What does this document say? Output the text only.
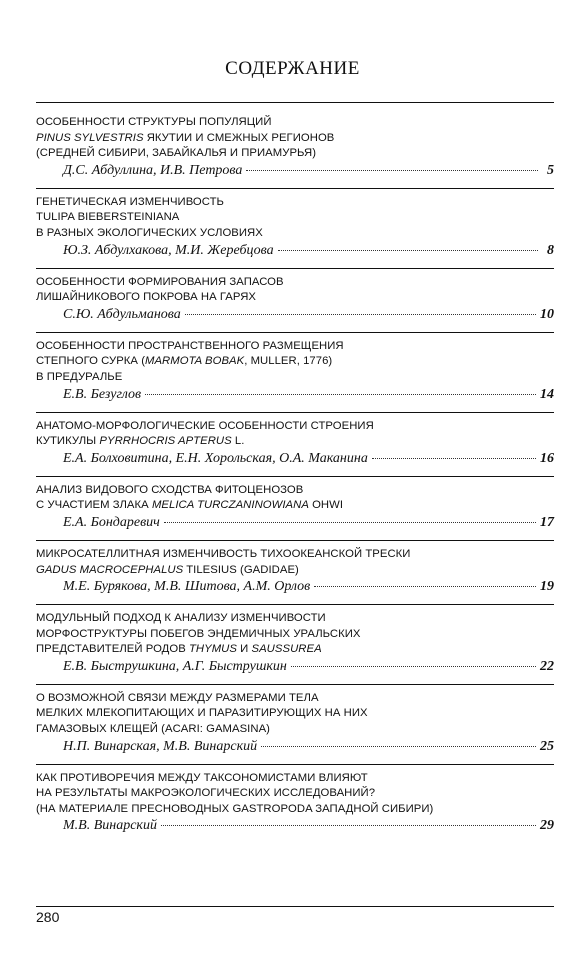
СОДЕРЖАНИЕ
ОСОБЕННОСТИ СТРУКТУРЫ ПОПУЛЯЦИЙ
PINUS SYLVESTRIS ЯКУТИИ И СМЕЖНЫХ РЕГИОНОВ
(СРЕДНЕЙ СИБИРИ, ЗАБАЙКАЛЬЯ И ПРИАМУРЬЯ)
Д.С. Абдуллина, И.В. Петрова	5
ГЕНЕТИЧЕСКАЯ ИЗМЕНЧИВОСТЬ
TULIPA BIEBERSTEINIANA
В РАЗНЫХ ЭКОЛОГИЧЕСКИХ УСЛОВИЯХ
Ю.З. Абдулхакова, М.И. Жеребцова	8
ОСОБЕННОСТИ ФОРМИРОВАНИЯ ЗАПАСОВ
ЛИШАЙНИКОВОГО ПОКРОВА НА ГАРЯХ
С.Ю. Абдульманова	10
ОСОБЕННОСТИ ПРОСТРАНСТВЕННОГО РАЗМЕЩЕНИЯ
СТЕПНОГО СУРКА (MARMOTA BOBAK, MULLER, 1776)
В ПРЕДУРАЛЬЕ
Е.В. Безуглов	14
АНАТОМО-МОРФОЛОГИЧЕСКИЕ ОСОБЕННОСТИ СТРОЕНИЯ
КУТИКУЛЫ PYRRHOCRIS APTERUS L.
Е.А. Болховитина, Е.Н. Хорольская, О.А. Маканина	16
АНАЛИЗ ВИДОВОГО СХОДСТВА ФИТОЦЕНОЗОВ
С УЧАСТИЕМ ЗЛАКА MELICA TURCZANINOWIANA OHWI
Е.А. Бондаревич	17
МИКРОСАТЕЛЛИТНАЯ ИЗМЕНЧИВОСТЬ ТИХООКЕАНСКОЙ ТРЕСКИ
GADUS MACROCEPHALUS TILESIUS (GADIDAE)
М.Е. Бурякова, М.В. Шитова, А.М. Орлов	19
МОДУЛЬНЫЙ ПОДХОД К АНАЛИЗУ ИЗМЕНЧИВОСТИ
МОРФОСТРУКТУРЫ ПОБЕГОВ ЭНДЕМИЧНЫХ УРАЛЬСКИХ
ПРЕДСТАВИТЕЛЕЙ РОДОВ THYMUS И SAUSSUREA
Е.В. Быструшкина, А.Г. Быструшкин	22
О ВОЗМОЖНОЙ СВЯЗИ МЕЖДУ РАЗМЕРАМИ ТЕЛА
МЕЛКИХ МЛЕКОПИТАЮЩИХ И ПАРАЗИТИРУЮЩИХ НА НИХ
ГАМАЗОВЫХ КЛЕЩЕЙ (ACARI: GAMASINA)
Н.П. Винарская, М.В. Винарский	25
КАК ПРОТИВОРЕЧИЯ МЕЖДУ ТАКСОНОМИСТАМИ ВЛИЯЮТ
НА РЕЗУЛЬТАТЫ МАКРОЭКОЛОГИЧЕСКИХ ИССЛЕДОВАНИЙ?
(НА МАТЕРИАЛЕ ПРЕСНОВОДНЫХ GASTROPODA ЗАПАДНОЙ СИБИРИ)
М.В. Винарский	29
280
